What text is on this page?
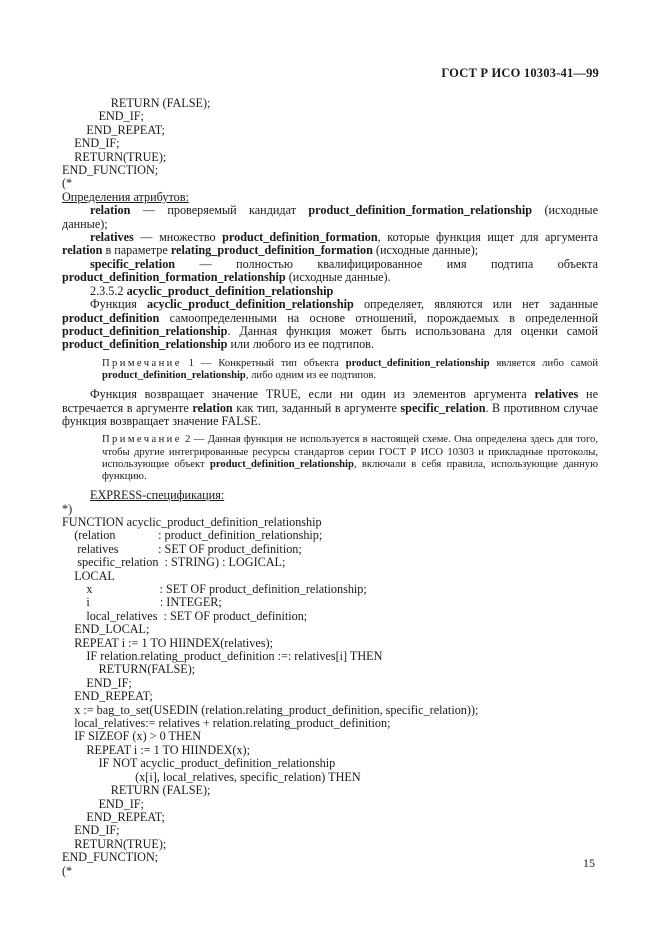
ГОСТ Р ИСО 10303-41—99
RETURN (FALSE);
END_IF;
END_REPEAT;
END_IF;
RETURN(TRUE);
END_FUNCTION;
(*

Определения атрибутов:

relation — проверяемый кандидат product_definition_formation_relationship (исходные данные);

relatives — множество product_definition_formation, которые функция ищет для аргумента relation в параметре relating_product_definition_formation (исходные данные);

specific_relation — полностью квалифицированное имя подтипа объекта product_definition_formation_relationship (исходные данные).

2.3.5.2 acyclic_product_definition_relationship

Функция acyclic_product_definition_relationship определяет, являются или нет заданные product_definition самоопределенными на основе отношений, порождаемых в определенной product_definition_relationship. Данная функция может быть использована для оценки самой product_definition_relationship или любого из ее подтипов.

Примечание 1 — Конкретный тип объекта product_definition_relationship является либо самой product_definition_relationship, либо одним из ее подтипов.

Функция возвращает значение TRUE, если ни один из элементов аргумента relatives не встречается в аргументе relation как тип, заданный в аргументе specific_relation. В противном случае функция возвращает значение FALSE.

Примечание 2 — Данная функция не используется в настоящей схеме. Она определена здесь для того, чтобы другие интегрированные ресурсы стандартов серии ГОСТ Р ИСО 10303 и прикладные протоколы, использующие объект product_definition_relationship, включали в себя правила, использующие данную функцию.

EXPRESS-спецификация:

*)
FUNCTION acyclic_product_definition_relationship
(relation              : product_definition_relationship;
relatives             : SET OF product_definition;
specific_relation  : STRING) : LOGICAL;
LOCAL
x                      : SET OF product_definition_relationship;
i                       : INTEGER;
local_relatives  : SET OF product_definition;
END_LOCAL;
REPEAT i := 1 TO HIINDEX(relatives);
IF relation.relating_product_definition :=: relatives[i] THEN
RETURN(FALSE);
END_IF;
END_REPEAT;
x := bag_to_set(USEDIN (relation.relating_product_definition, specific_relation));
local_relatives:= relatives + relation.relating_product_definition;
IF SIZEOF (x) > 0 THEN
REPEAT i := 1 TO HIINDEX(x);
IF NOT acyclic_product_definition_relationship
(x[i], local_relatives, specific_relation) THEN
RETURN (FALSE);
END_IF;
END_REPEAT;
END_IF;
RETURN(TRUE);
END_FUNCTION;
(*
15
